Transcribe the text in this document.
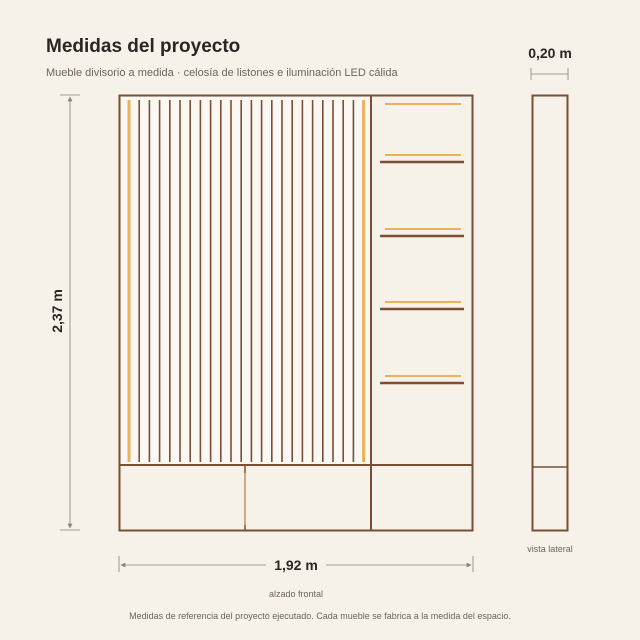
Medidas del proyecto
Mueble divisorio a medida · celosía de listones e iluminación LED cálida
2,37 m
1,92 m
0,20 m
alzado frontal
vista lateral
Medidas de referencia del proyecto ejecutado. Cada mueble se fabrica a la medida del espacio.
